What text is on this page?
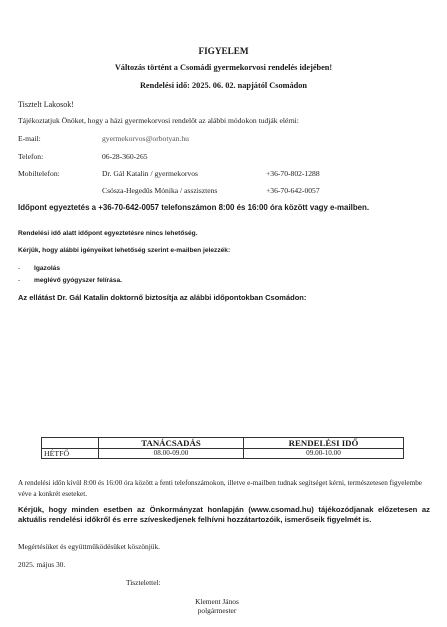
FIGYELEM
Változás történt a Csomádi gyermekorvosi rendelés idejében!
Rendelési idő: 2025. 06. 02. napjától Csomádon
Tisztelt Lakosok!
Tájékoztatjuk Önöket, hogy a házi gyermekorvosi rendelőt az alábbi módokon tudják elérni:
E-mail:	gyermekorvos@orbotyan.hu
Telefon:	06-28-360-265
Mobiltelefon:	Dr. Gál Katalin / gyermekorvos	+36-70-802-1288
Csósza-Hegedűs Mónika / asszisztens	+36-70-642-0057
Időpont egyeztetés a +36-70-642-0057 telefonszámon 8:00 és 16:00 óra között vagy e-mailben.
Rendelési idő alatt időpont egyeztetésre nincs lehetőség.
Kérjük, hogy alábbi igényeiket lehetőség szerint e-mailben jelezzék:
- Igazolás
- meglévő gyógyszer felírása.
Az ellátást Dr. Gál Katalin doktornő biztosítja az alábbi időpontokban Csomádon:
	TANÁCSADÁS	RENDELÉSI IDŐ
HÉTFŐ	08.00-09.00	09.00-10.00
A rendelési időn kívül 8:00 és 16:00 óra között a fenti telefonszámokon, illetve e-mailben tudnak segítséget kérni, természetesen figyelembe véve a konkrét eseteket.
Kérjük, hogy minden esetben az Önkormányzat honlapján (www.csomad.hu) tájékozódjanak előzetesen az aktuális rendelési időkről és erre szíveskedjenek felhívni hozzátartozóik, ismerőseik figyelmét is.
Megértésüket és együttműködésüket köszönjük.
2025. május 30.
Tisztelettel:
Klement János
polgármester
